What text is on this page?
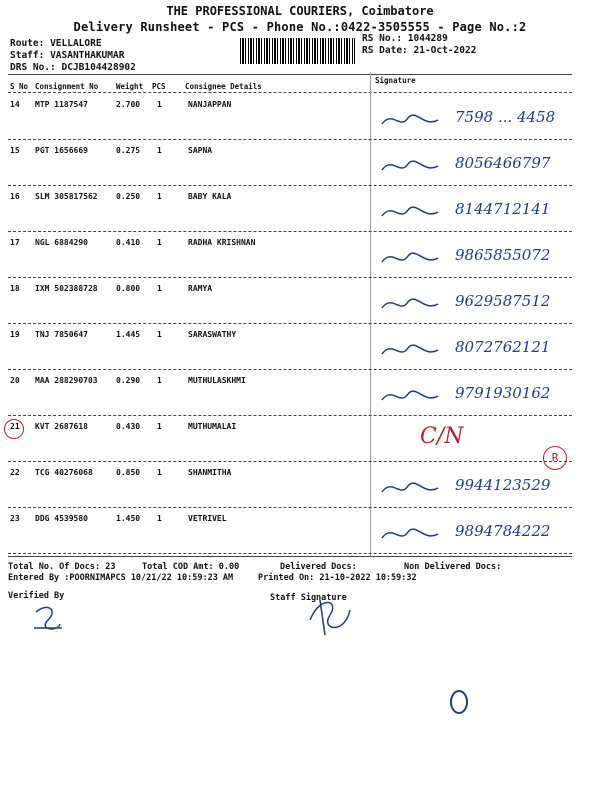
THE PROFESSIONAL COURIERS, Coimbatore
Delivery Runsheet - PCS - Phone No.:0422-3505555 - Page No.:2
Route: VELLALORE
Staff: VASANTHAKUMAR
DRS No.: DCJB104428902
RS No.: 1044289
RS Date: 21-Oct-2022
S No Consignment No Weight PCS	Consignee Details
Signature
14 MTP 1187547	2.700 1	NANJAPPAN
7598 ... 4458
15 PGT 1656669	0.275 1	SAPNA
8056466797
16 SLM 305817562 0.250 1	BABY KALA
8144712141
17 NGL 6884290	0.410 1	RADHA KRISHNAN
9865855072
18 IXM 502388728 0.800 1	RAMYA
9629587512
19 TNJ 7850647	1.445 1	SARASWATHY
8072762121
20 MAA 288290703 0.290 1	MUTHULASKHMI
9791930162
21 KVT 2687618	0.430 1	MUTHUMALAI	C/N
22 TCG 40276068	0.850 1	SHANMITHA
9944123529
23 DDG 4539580	1.450 1	VETRIVEL
9894784222
R
Total No. Of Docs: 23	Total COD Amt: 0.00	Delivered Docs:	Non Delivered Docs:
Entered By :POORNIMAPCS 10/21/22 10:59:23 AM	Printed On: 21-10-2022 10:59:32
Verified By	Staff Signature
